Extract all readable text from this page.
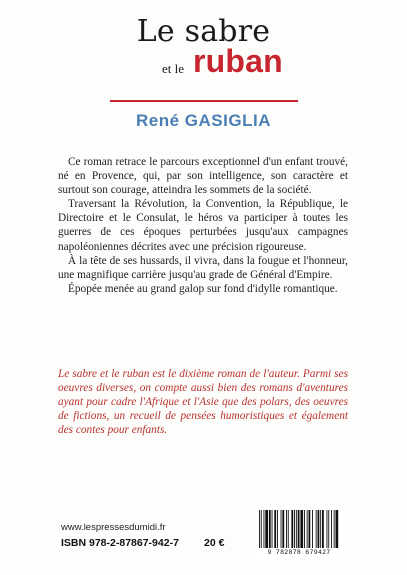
Le sabre
et le ruban
René GASIGLIA

Ce roman retrace le parcours exceptionnel d'un enfant trouvé, né en Provence, qui, par son intelligence, son caractère et surtout son courage, atteindra les sommets de la société.

Traversant la Révolution, la Convention, la République, le Directoire et le Consulat, le héros va participer à toutes les guerres de ces époques perturbées jusqu'aux campagnes napoléoniennes décrites avec une précision rigoureuse.

À la tête de ses hussards, il vivra, dans la fougue et l'honneur, une magnifique carrière jusqu'au grade de Général d'Empire.

Épopée menée au grand galop sur fond d'idylle romantique.

Le sabre et le ruban est le dixième roman de l'auteur. Parmi ses oeuvres diverses, on compte aussi bien des romans d'aventures ayant pour cadre l'Afrique et l'Asie que des polars, des oeuvres de fictions, un recueil de pensées humoristiques et également des contes pour enfants.

www.lespressesdumidi.fr
ISBN 978-2-87867-942-7 20 €
9 782878 679427
